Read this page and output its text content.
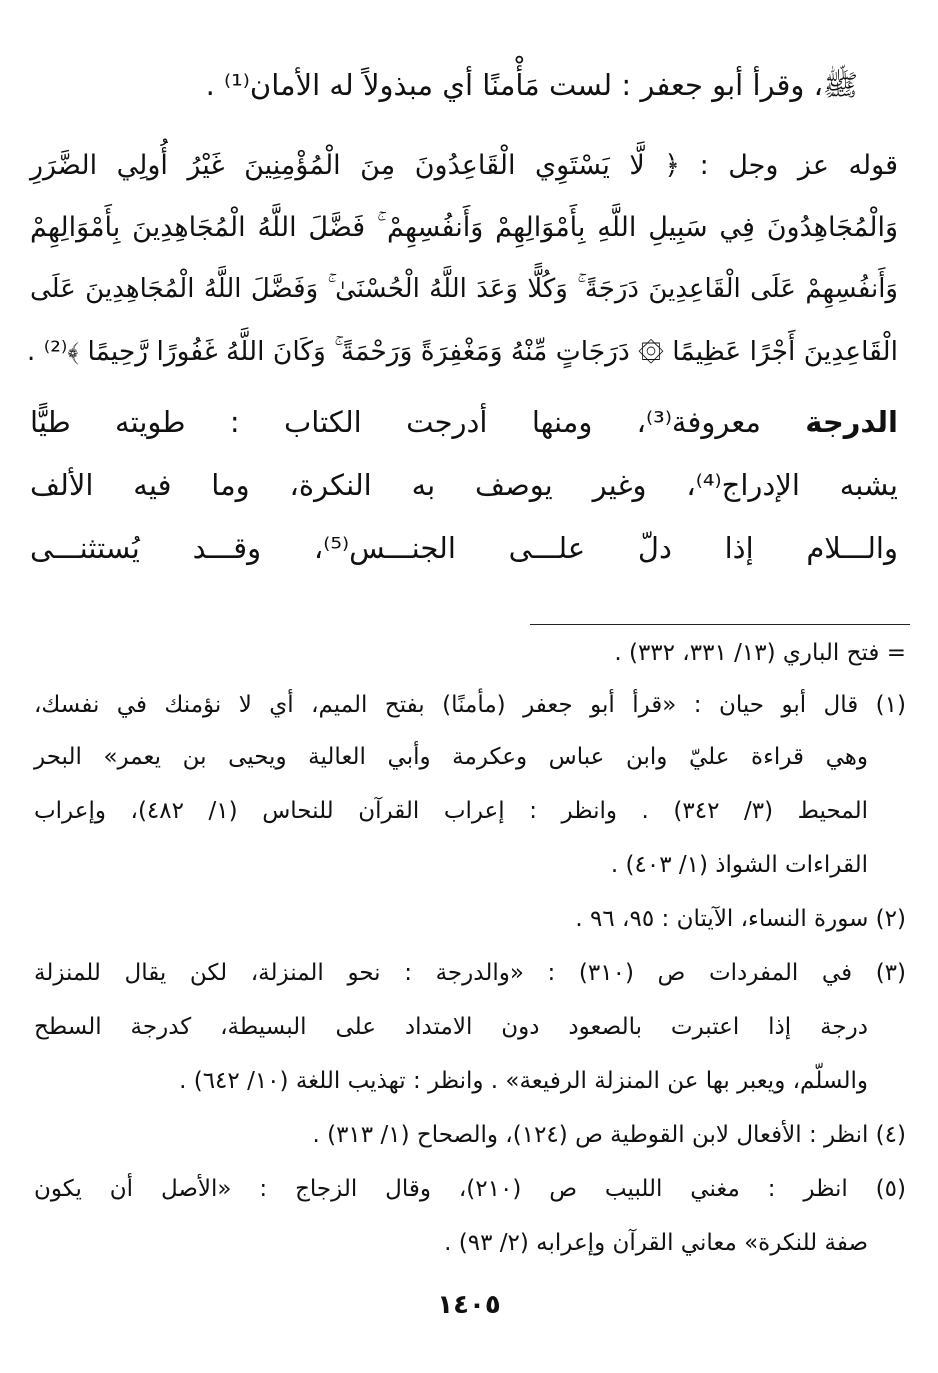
ﷺ، وقرأ أبو جعفر : لست مَأْمنًا أي مبذولاً له الأمان⁽¹⁾ .
قوله عز وجل : ﴿ لَّا يَسْتَوِي الْقَاعِدُونَ مِنَ الْمُؤْمِنِينَ غَيْرُ أُولِي الضَّرَرِ
وَالْمُجَاهِدُونَ فِي سَبِيلِ اللَّهِ بِأَمْوَالِهِمْ وَأَنفُسِهِمْ ۚ فَضَّلَ اللَّهُ الْمُجَاهِدِينَ بِأَمْوَالِهِمْ
وَأَنفُسِهِمْ عَلَى الْقَاعِدِينَ دَرَجَةً ۚ وَكُلًّا وَعَدَ اللَّهُ الْحُسْنَىٰ ۚ وَفَضَّلَ اللَّهُ الْمُجَاهِدِينَ عَلَى
الْقَاعِدِينَ أَجْرًا عَظِيمًا ۞ دَرَجَاتٍ مِّنْهُ وَمَغْفِرَةً وَرَحْمَةً ۚ وَكَانَ اللَّهُ غَفُورًا رَّحِيمًا ﴾⁽²⁾ .
الدرجة معروفة⁽³⁾، ومنها أدرجت الكتاب : طويته طيًّا
يشبه الإدراج⁽⁴⁾، وغير يوصف به النكرة، وما فيه الألف
والـــلام إذا دلّ علـــى الجنـــس⁽⁵⁾، وقـــد يُستثنـــى
= فتح الباري (١٣/ ٣٣١، ٣٣٢) .
(١) قال أبو حيان : «قرأ أبو جعفر (مأمنًا) بفتح الميم، أي لا نؤمنك في نفسك،
وهي قراءة عليّ وابن عباس وعكرمة وأبي العالية ويحيى بن يعمر» البحر
المحيط (٣/ ٣٤٢) . وانظر : إعراب القرآن للنحاس (١/ ٤٨٢)، وإعراب
القراءات الشواذ (١/ ٤٠٣) .
(٢) سورة النساء، الآيتان : ٩٥، ٩٦ .
(٣) في المفردات ص (٣١٠) : «والدرجة : نحو المنزلة، لكن يقال للمنزلة
درجة إذا اعتبرت بالصعود دون الامتداد على البسيطة، كدرجة السطح
والسلّم، ويعبر بها عن المنزلة الرفيعة» . وانظر : تهذيب اللغة (١٠/ ٦٤٢) .
(٤) انظر : الأفعال لابن القوطية ص (١٢٤)، والصحاح (١/ ٣١٣) .
(٥) انظر : مغني اللبيب ص (٢١٠)، وقال الزجاج : «الأصل أن يكون
صفة للنكرة» معاني القرآن وإعرابه (٢/ ٩٣) .
١٤٠٥
